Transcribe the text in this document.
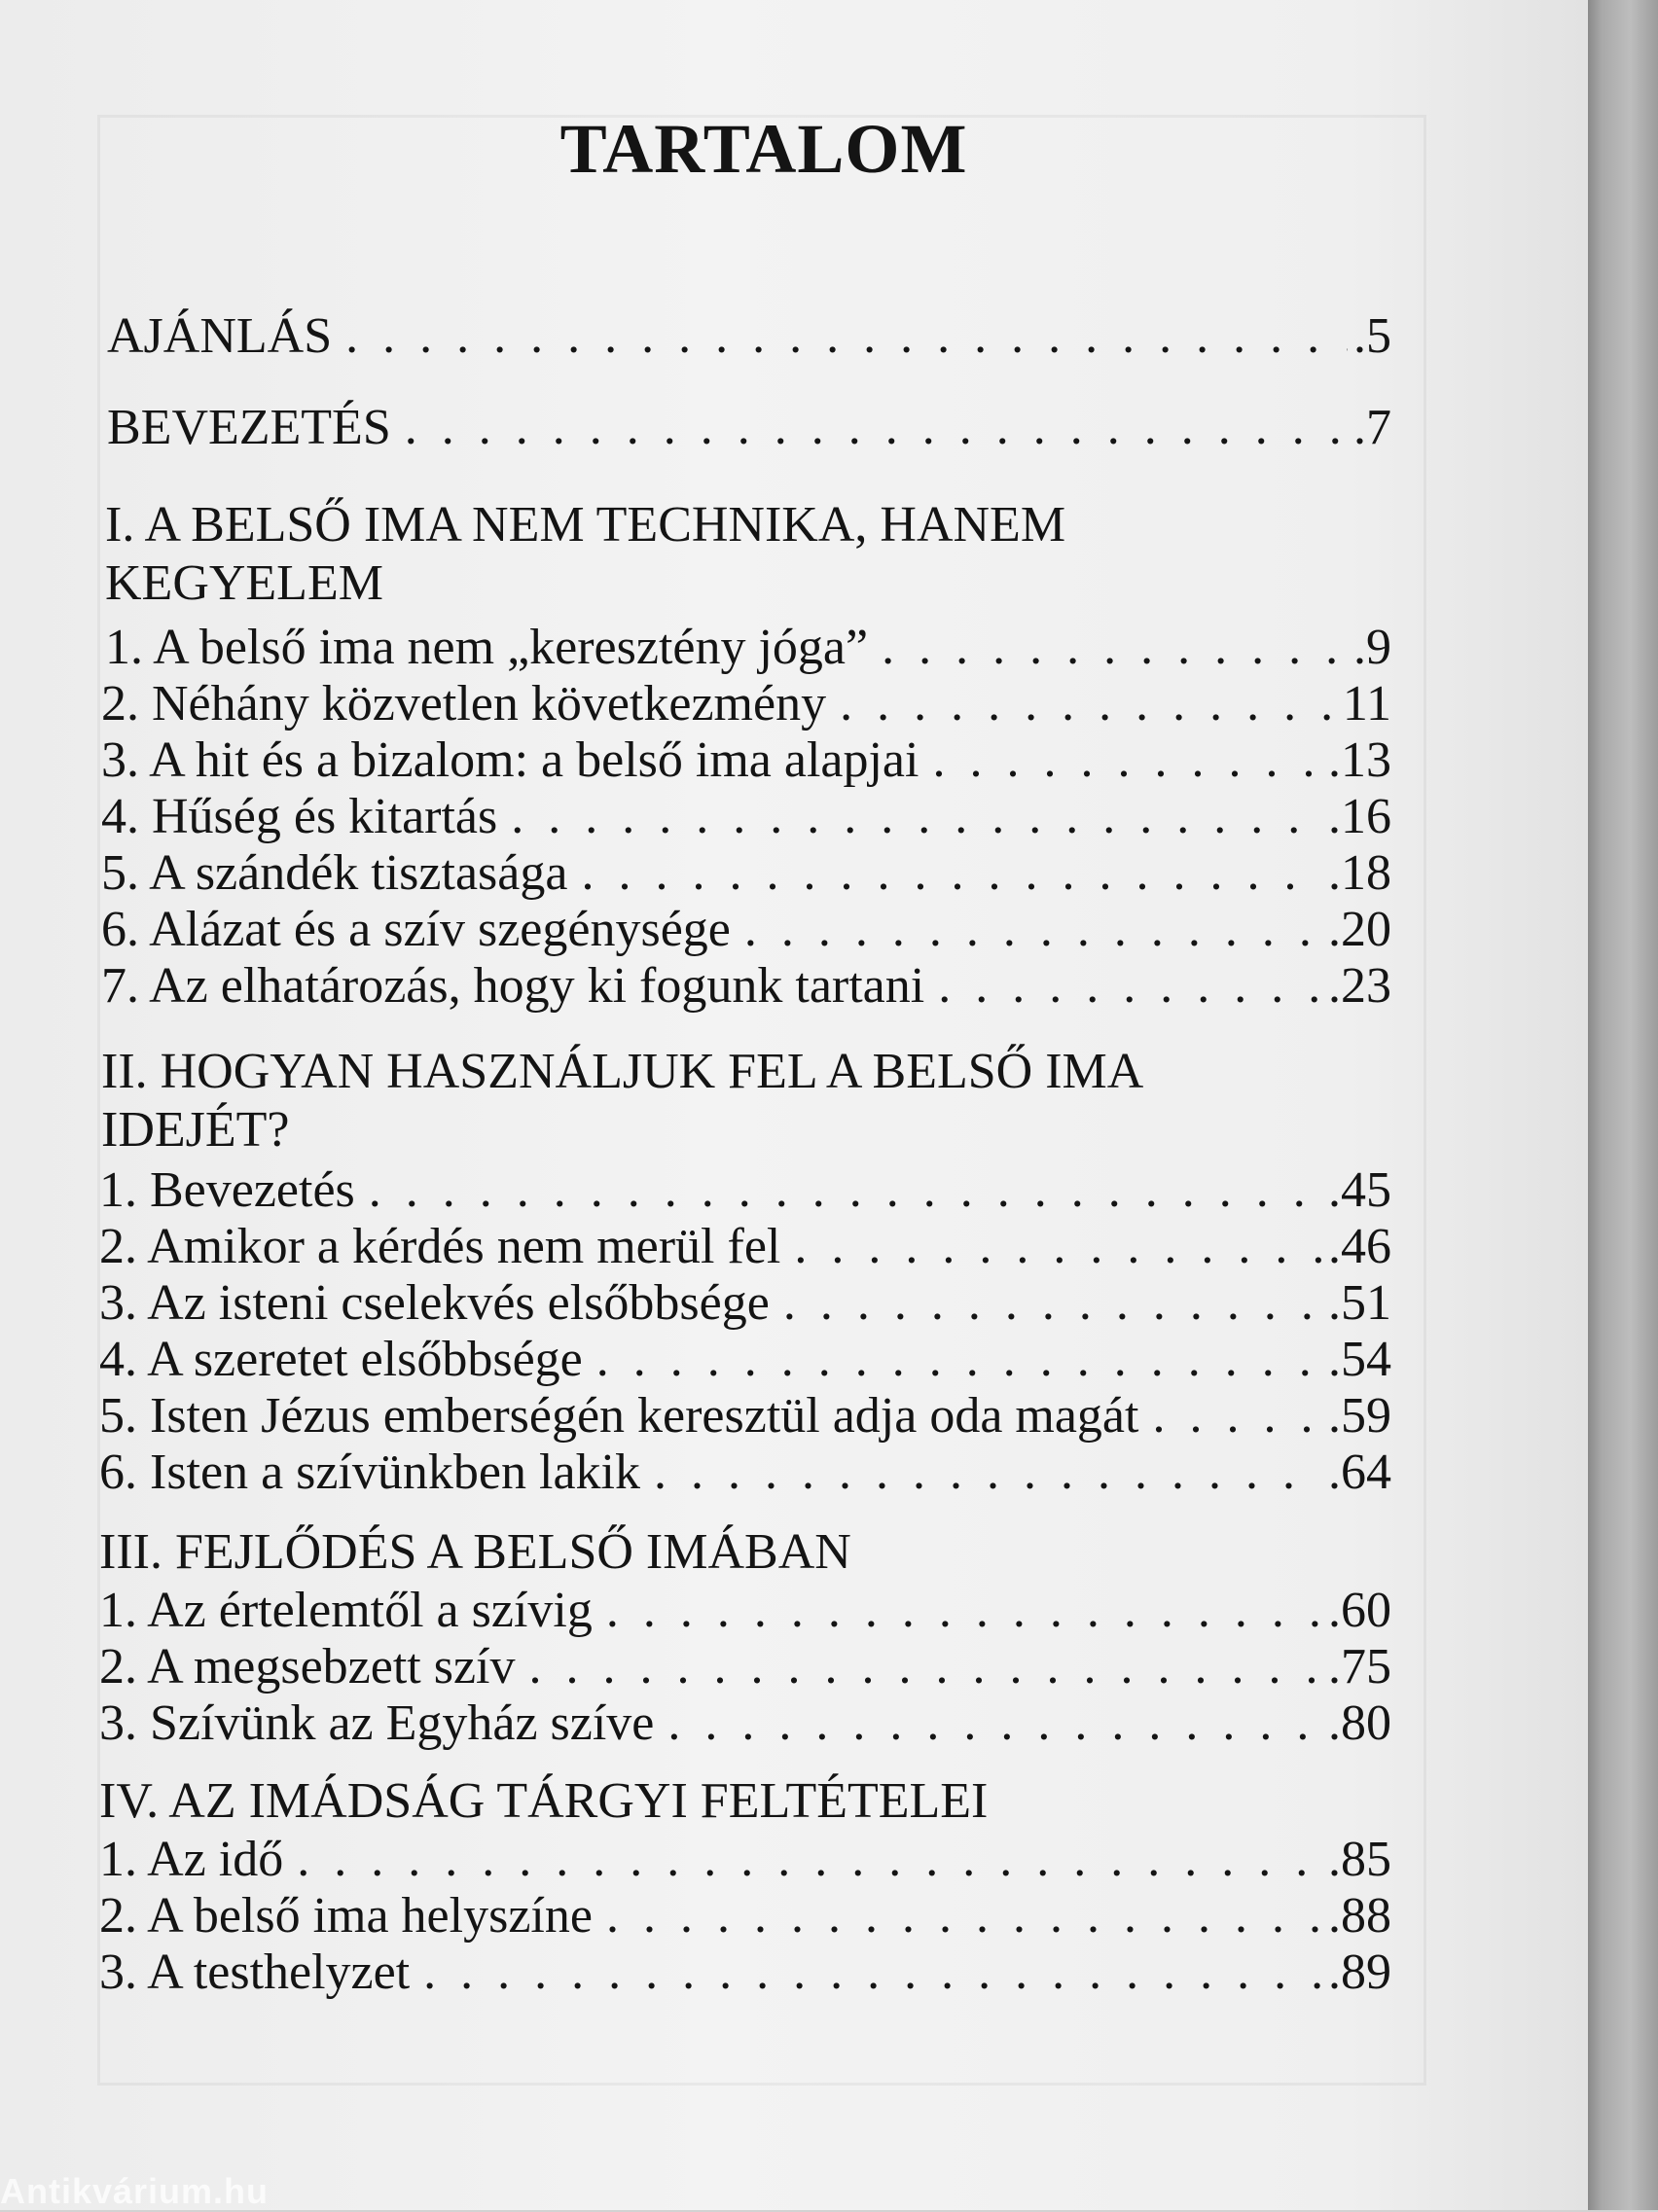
TARTALOM
AJÁNLÁS . . .	.5
BEVEZETÉS . . .	.7
I. A BELSŐ IMA NEM TECHNIKA, HANEM
KEGYELEM
1. A belső ima nem „keresztény jóga” . . .	.9
2. Néhány közvetlen következmény . . .	11
3. A hit és a bizalom: a belső ima alapjai . . .	.13
4. Hűség és kitartás . . .	.16
5. A szándék tisztasága . . .	.18
6. Alázat és a szív szegénysége . . .	.20
7. Az elhatározás, hogy ki fogunk tartani . . .	.23
II. HOGYAN HASZNÁLJUK FEL A BELSŐ IMA
IDEJÉT?
1. Bevezetés . . .	.45
2. Amikor a kérdés nem merül fel . . .	.46
3. Az isteni cselekvés elsőbbsége . . .	.51
4. A szeretet elsőbbsége . . .	.54
5. Isten Jézus emberségén keresztül adja oda magát . . .	.59
6. Isten a szívünkben lakik . . .	.64
III. FEJLŐDÉS A BELSŐ IMÁBAN
1. Az értelemtől a szívig . . .	.60
2. A megsebzett szív . . .	.75
3. Szívünk az Egyház szíve . . .	.80
IV. AZ IMÁDSÁG TÁRGYI FELTÉTELEI
1. Az idő . . .	.85
2. A belső ima helyszíne . . .	.88
3. A testhelyzet . . .	.89
Antikvárium.hu
